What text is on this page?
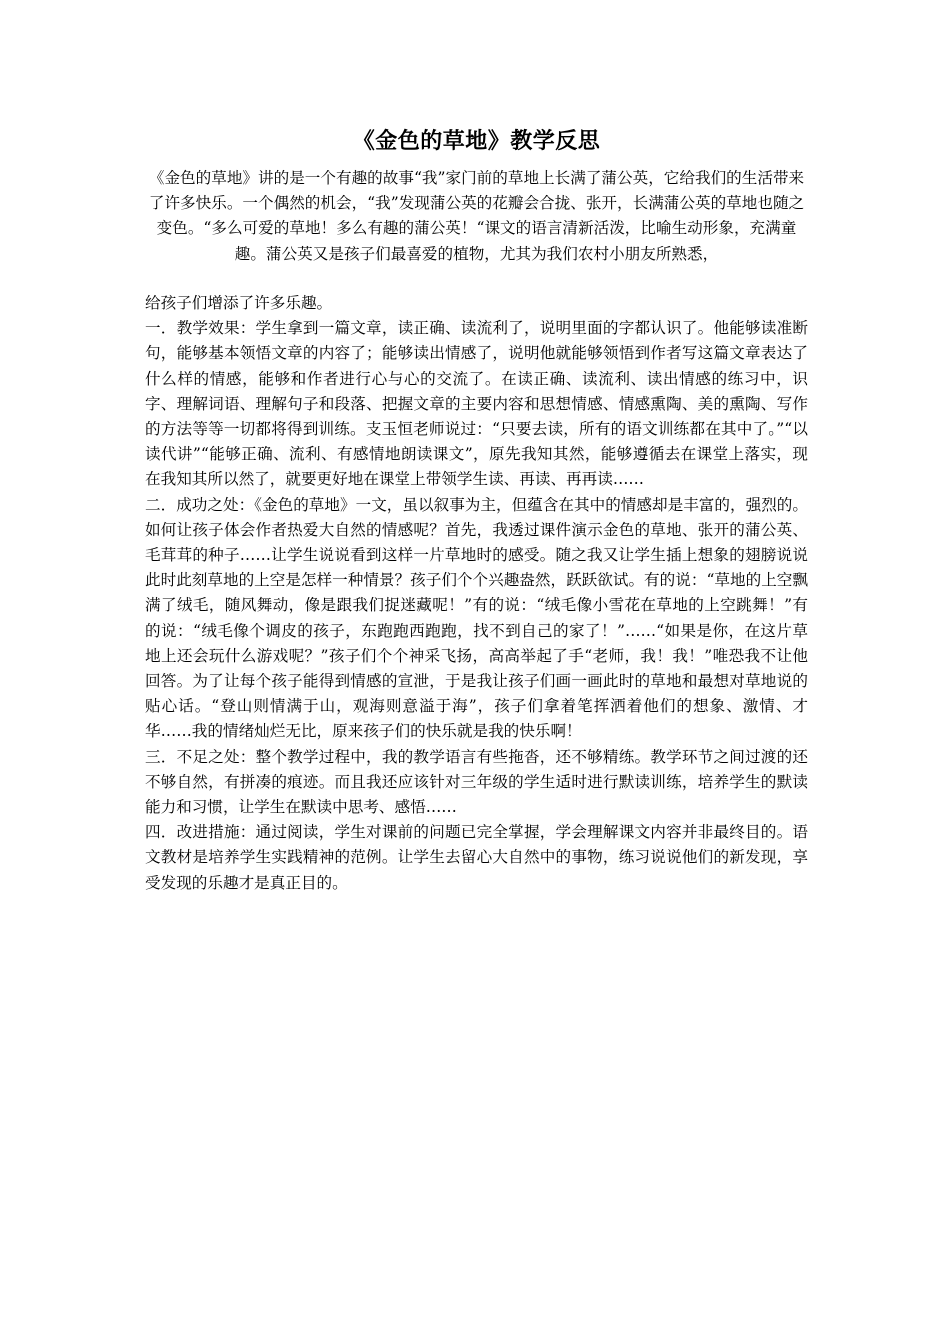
《金色的草地》教学反思
《金色的草地》讲的是一个有趣的故事“我”家门前的草地上长满了蒲公英，它给我们的生活带来了许多快乐。一个偶然的机会，“我”发现蒲公英的花瓣会合拢、张开，长满蒲公英的草地也随之变色。“多么可爱的草地！多么有趣的蒲公英！“课文的语言清新活泼，比喻生动形象，充满童趣。蒲公英又是孩子们最喜爱的植物，尤其为我们农村小朋友所熟悉，

给孩子们增添了许多乐趣。

一．教学效果：学生拿到一篇文章，读正确、读流利了，说明里面的字都认识了。他能够读准断句，能够基本领悟文章的内容了；能够读出情感了，说明他就能够领悟到作者写这篇文章表达了什么样的情感，能够和作者进行心与心的交流了。在读正确、读流利、读出情感的练习中，识字、理解词语、理解句子和段落、把握文章的主要内容和思想情感、情感熏陶、美的熏陶、写作的方法等等一切都将得到训练。支玉恒老师说过：“只要去读，所有的语文训练都在其中了。”“以读代讲”“能够正确、流利、有感情地朗读课文”，原先我知其然，能够遵循去在课堂上落实，现在我知其所以然了，就要更好地在课堂上带领学生读、再读、再再读……

二．成功之处：《金色的草地》一文，虽以叙事为主，但蕴含在其中的情感却是丰富的，强烈的。如何让孩子体会作者热爱大自然的情感呢？首先，我透过课件演示金色的草地、张开的蒲公英、毛茸茸的种子……让学生说说看到这样一片草地时的感受。随之我又让学生插上想象的翅膀说说此时此刻草地的上空是怎样一种情景？孩子们个个兴趣盎然，跃跃欲试。有的说：“草地的上空飘满了绒毛，随风舞动，像是跟我们捉迷藏呢！”有的说：“绒毛像小雪花在草地的上空跳舞！”有的说：“绒毛像个调皮的孩子，东跑跑西跑跑，找不到自己的家了！”……“如果是你，在这片草地上还会玩什么游戏呢？”孩子们个个神采飞扬，高高举起了手“老师，我！我！”唯恐我不让他回答。为了让每个孩子能得到情感的宣泄，于是我让孩子们画一画此时的草地和最想对草地说的贴心话。“登山则情满于山，观海则意溢于海”，孩子们拿着笔挥洒着他们的想象、激情、才华……我的情绪灿烂无比，原来孩子们的快乐就是我的快乐啊！

三．不足之处：整个教学过程中，我的教学语言有些拖沓，还不够精练。教学环节之间过渡的还不够自然，有拼凑的痕迹。而且我还应该针对三年级的学生适时进行默读训练，培养学生的默读能力和习惯，让学生在默读中思考、感悟……

四．改进措施：通过阅读，学生对课前的问题已完全掌握，学会理解课文内容并非最终目的。语文教材是培养学生实践精神的范例。让学生去留心大自然中的事物，练习说说他们的新发现，享受发现的乐趣才是真正目的。
